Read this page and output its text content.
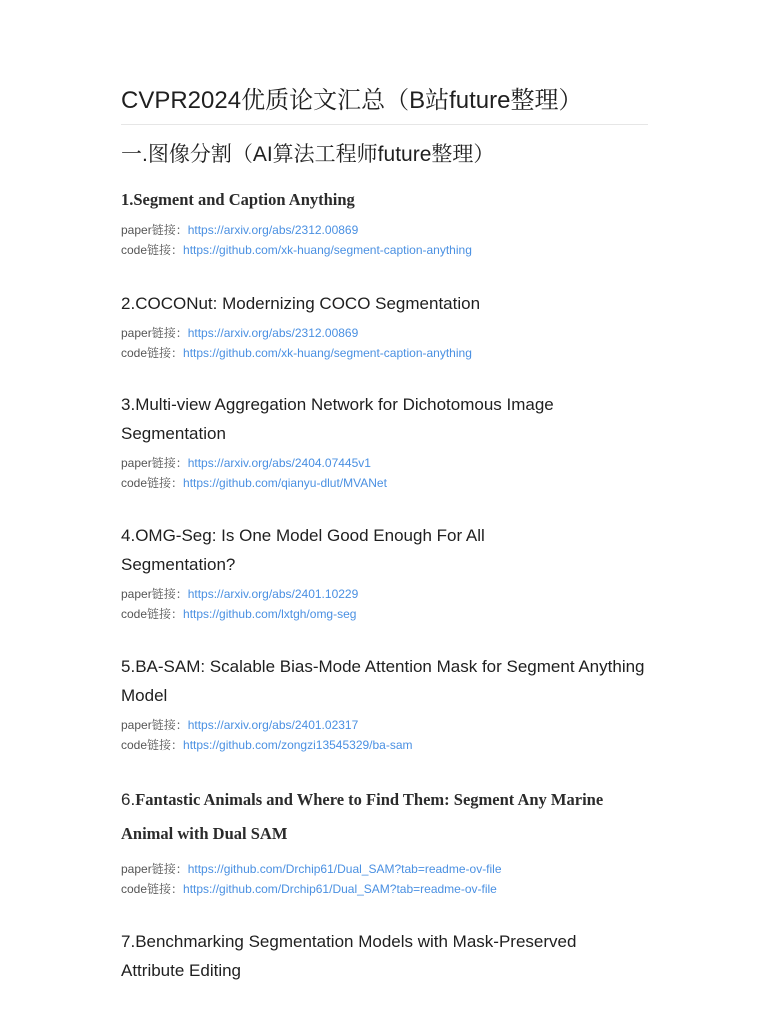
CVPR2024优质论文汇总（B站future整理）
一.图像分割（AI算法工程师future整理）
1.Segment and Caption Anything
paper链接：https://arxiv.org/abs/2312.00869
code链接：https://github.com/xk-huang/segment-caption-anything
2.COCONut: Modernizing COCO Segmentation
paper链接：https://arxiv.org/abs/2312.00869
code链接：https://github.com/xk-huang/segment-caption-anything
3.Multi-view Aggregation Network for Dichotomous Image Segmentation
paper链接：https://arxiv.org/abs/2404.07445v1
code链接：https://github.com/qianyu-dlut/MVANet
4.OMG-Seg: Is One Model Good Enough For All Segmentation?
paper链接：https://arxiv.org/abs/2401.10229
code链接：https://github.com/lxtgh/omg-seg
5.BA-SAM: Scalable Bias-Mode Attention Mask for Segment Anything Model
paper链接：https://arxiv.org/abs/2401.02317
code链接：https://github.com/zongzi13545329/ba-sam
6.Fantastic Animals and Where to Find Them: Segment Any Marine Animal with Dual SAM
paper链接：https://github.com/Drchip61/Dual_SAM?tab=readme-ov-file
code链接：https://github.com/Drchip61/Dual_SAM?tab=readme-ov-file
7.Benchmarking Segmentation Models with Mask-Preserved Attribute Editing
